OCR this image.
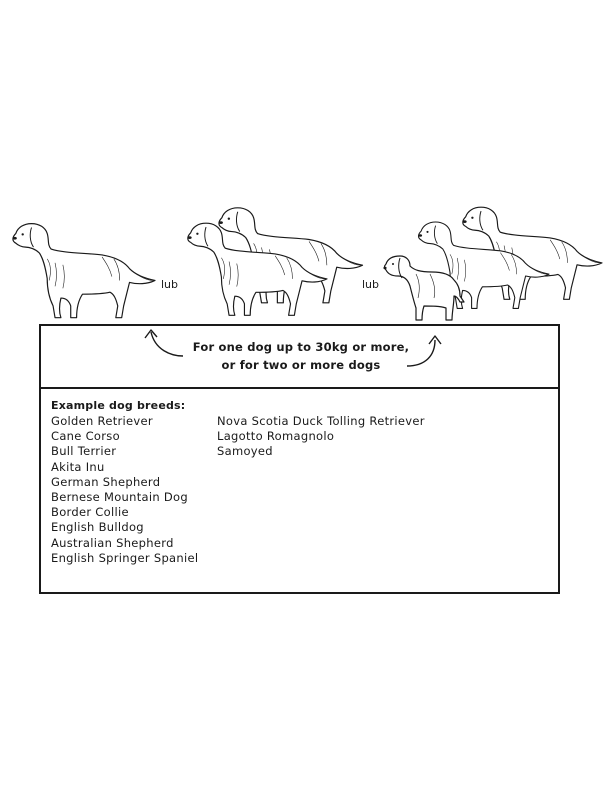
lub	lub
For one dog up to 30kg or more,
or for two or more dogs
Example dog breeds:
Golden Retriever
Cane Corso
Bull Terrier
Akita Inu
German Shepherd
Bernese Mountain Dog
Border Collie
English Bulldog
Australian Shepherd
English Springer Spaniel
Nova Scotia Duck Tolling Retriever
Lagotto Romagnolo
Samoyed
